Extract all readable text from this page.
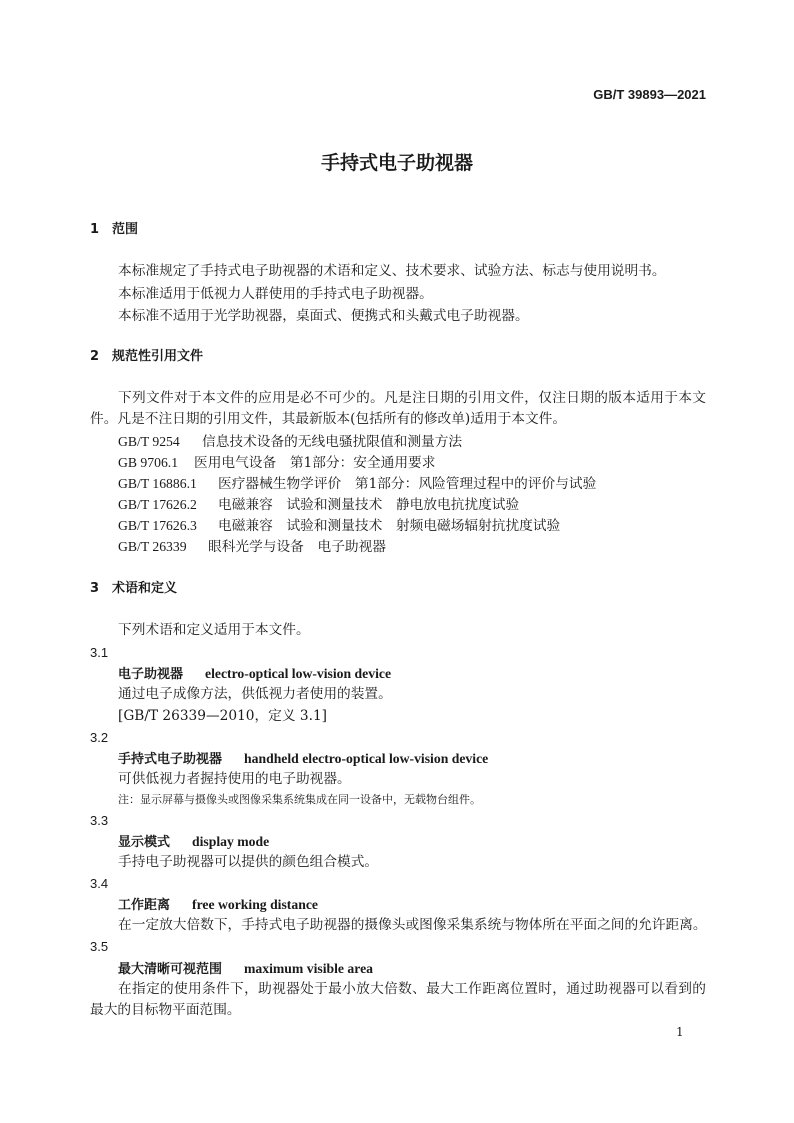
GB/T 39893—2021
手持式电子助视器
1 范围
本标准规定了手持式电子助视器的术语和定义、技术要求、试验方法、标志与使用说明书。
本标准适用于低视力人群使用的手持式电子助视器。
本标准不适用于光学助视器，桌面式、便携式和头戴式电子助视器。
2 规范性引用文件
下列文件对于本文件的应用是必不可少的。凡是注日期的引用文件，仅注日期的版本适用于本文件。凡是不注日期的引用文件，其最新版本(包括所有的修改单)适用于本文件。
GB/T 9254 信息技术设备的无线电骚扰限值和测量方法
GB 9706.1 医用电气设备　第1部分：安全通用要求
GB/T 16886.1 医疗器械生物学评价　第1部分：风险管理过程中的评价与试验
GB/T 17626.2 电磁兼容　试验和测量技术　静电放电抗扰度试验
GB/T 17626.3 电磁兼容　试验和测量技术　射频电磁场辐射抗扰度试验
GB/T 26339 眼科光学与设备　电子助视器
3 术语和定义
下列术语和定义适用于本文件。
3.1
电子助视器 electro-optical low-vision device
通过电子成像方法，供低视力者使用的装置。
[GB/T 26339—2010，定义 3.1]
3.2
手持式电子助视器 handheld electro-optical low-vision device
可供低视力者握持使用的电子助视器。
注：显示屏幕与摄像头或图像采集系统集成在同一设备中，无载物台组件。
3.3
显示模式 display mode
手持电子助视器可以提供的颜色组合模式。
3.4
工作距离 free working distance
在一定放大倍数下，手持式电子助视器的摄像头或图像采集系统与物体所在平面之间的允许距离。
3.5
最大清晰可视范围 maximum visible area
在指定的使用条件下，助视器处于最小放大倍数、最大工作距离位置时，通过助视器可以看到的最大的目标物平面范围。
1
